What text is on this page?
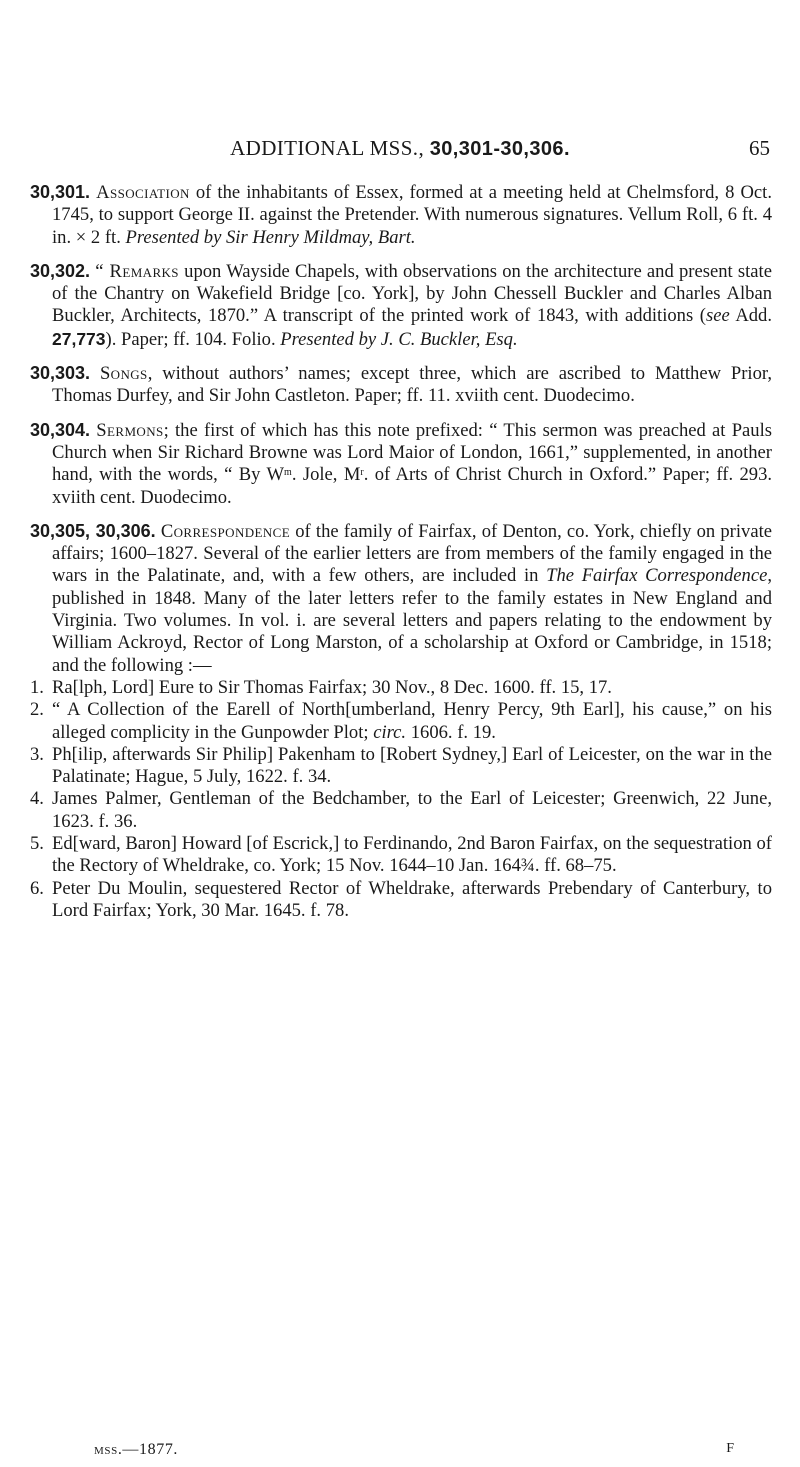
ADDITIONAL MSS., 30,301-30,306.	65

30,301. Association of the inhabitants of Essex, formed at a meeting held at Chelmsford, 8 Oct. 1745, to support George II. against the Pretender. With numerous signatures. Vellum Roll, 6 ft. 4 in. × 2 ft. Presented by Sir Henry Mildmay, Bart.

30,302. “ Remarks upon Wayside Chapels, with observations on the architecture and present state of the Chantry on Wakefield Bridge [co. York], by John Chessell Buckler and Charles Alban Buckler, Architects, 1870.” A transcript of the printed work of 1843, with additions (see Add. 27,773). Paper; ff. 104. Folio. Presented by J. C. Buckler, Esq.

30,303. Songs, without authors’ names; except three, which are ascribed to Matthew Prior, Thomas Durfey, and Sir John Castleton. Paper; ff. 11. xviith cent. Duodecimo.

30,304. Sermons; the first of which has this note prefixed: “ This sermon was preached at Pauls Church when Sir Richard Browne was Lord Maior of London, 1661,” supplemented, in another hand, with the words, “ By $W^m$. Jole, $M^r$. of Arts of Christ Church in Oxford.” Paper; ff. 293. xviith cent. Duodecimo.

30,305, 30,306. Correspondence of the family of Fairfax, of Denton, co. York, chiefly on private affairs; 1600–1827. Several of the earlier letters are from members of the family engaged in the wars in the Palatinate, and, with a few others, are included in The Fairfax Correspondence, published in 1848. Many of the later letters refer to the family estates in New England and Virginia. Two volumes. In vol. i. are several letters and papers relating to the endowment by William Ackroyd, Rector of Long Marston, of a scholarship at Oxford or Cambridge, in 1518; and the following :—

1. Ra[lph, Lord] Eure to Sir Thomas Fairfax; 30 Nov., 8 Dec. 1600. ff. 15, 17.
2. “ A Collection of the Earell of North[umberland, Henry Percy, 9th Earl], his cause,” on his alleged complicity in the Gunpowder Plot; circ. 1606. f. 19.
3. Ph[ilip, afterwards Sir Philip] Pakenham to [Robert Sydney,] Earl of Leicester, on the war in the Palatinate; Hague, 5 July, 1622. f. 34.
4. James Palmer, Gentleman of the Bedchamber, to the Earl of Leicester; Greenwich, 22 June, 1623. f. 36.
5. Ed[ward, Baron] Howard [of Escrick,] to Ferdinando, 2nd Baron Fairfax, on the sequestration of the Rectory of Wheldrake, co. York; 15 Nov. 1644–10 Jan. 164¾. ff. 68–75.
6. Peter Du Moulin, sequestered Rector of Wheldrake, afterwards Prebendary of Canterbury, to Lord Fairfax; York, 30 Mar. 1645. f. 78.
mss.—1877.	F
